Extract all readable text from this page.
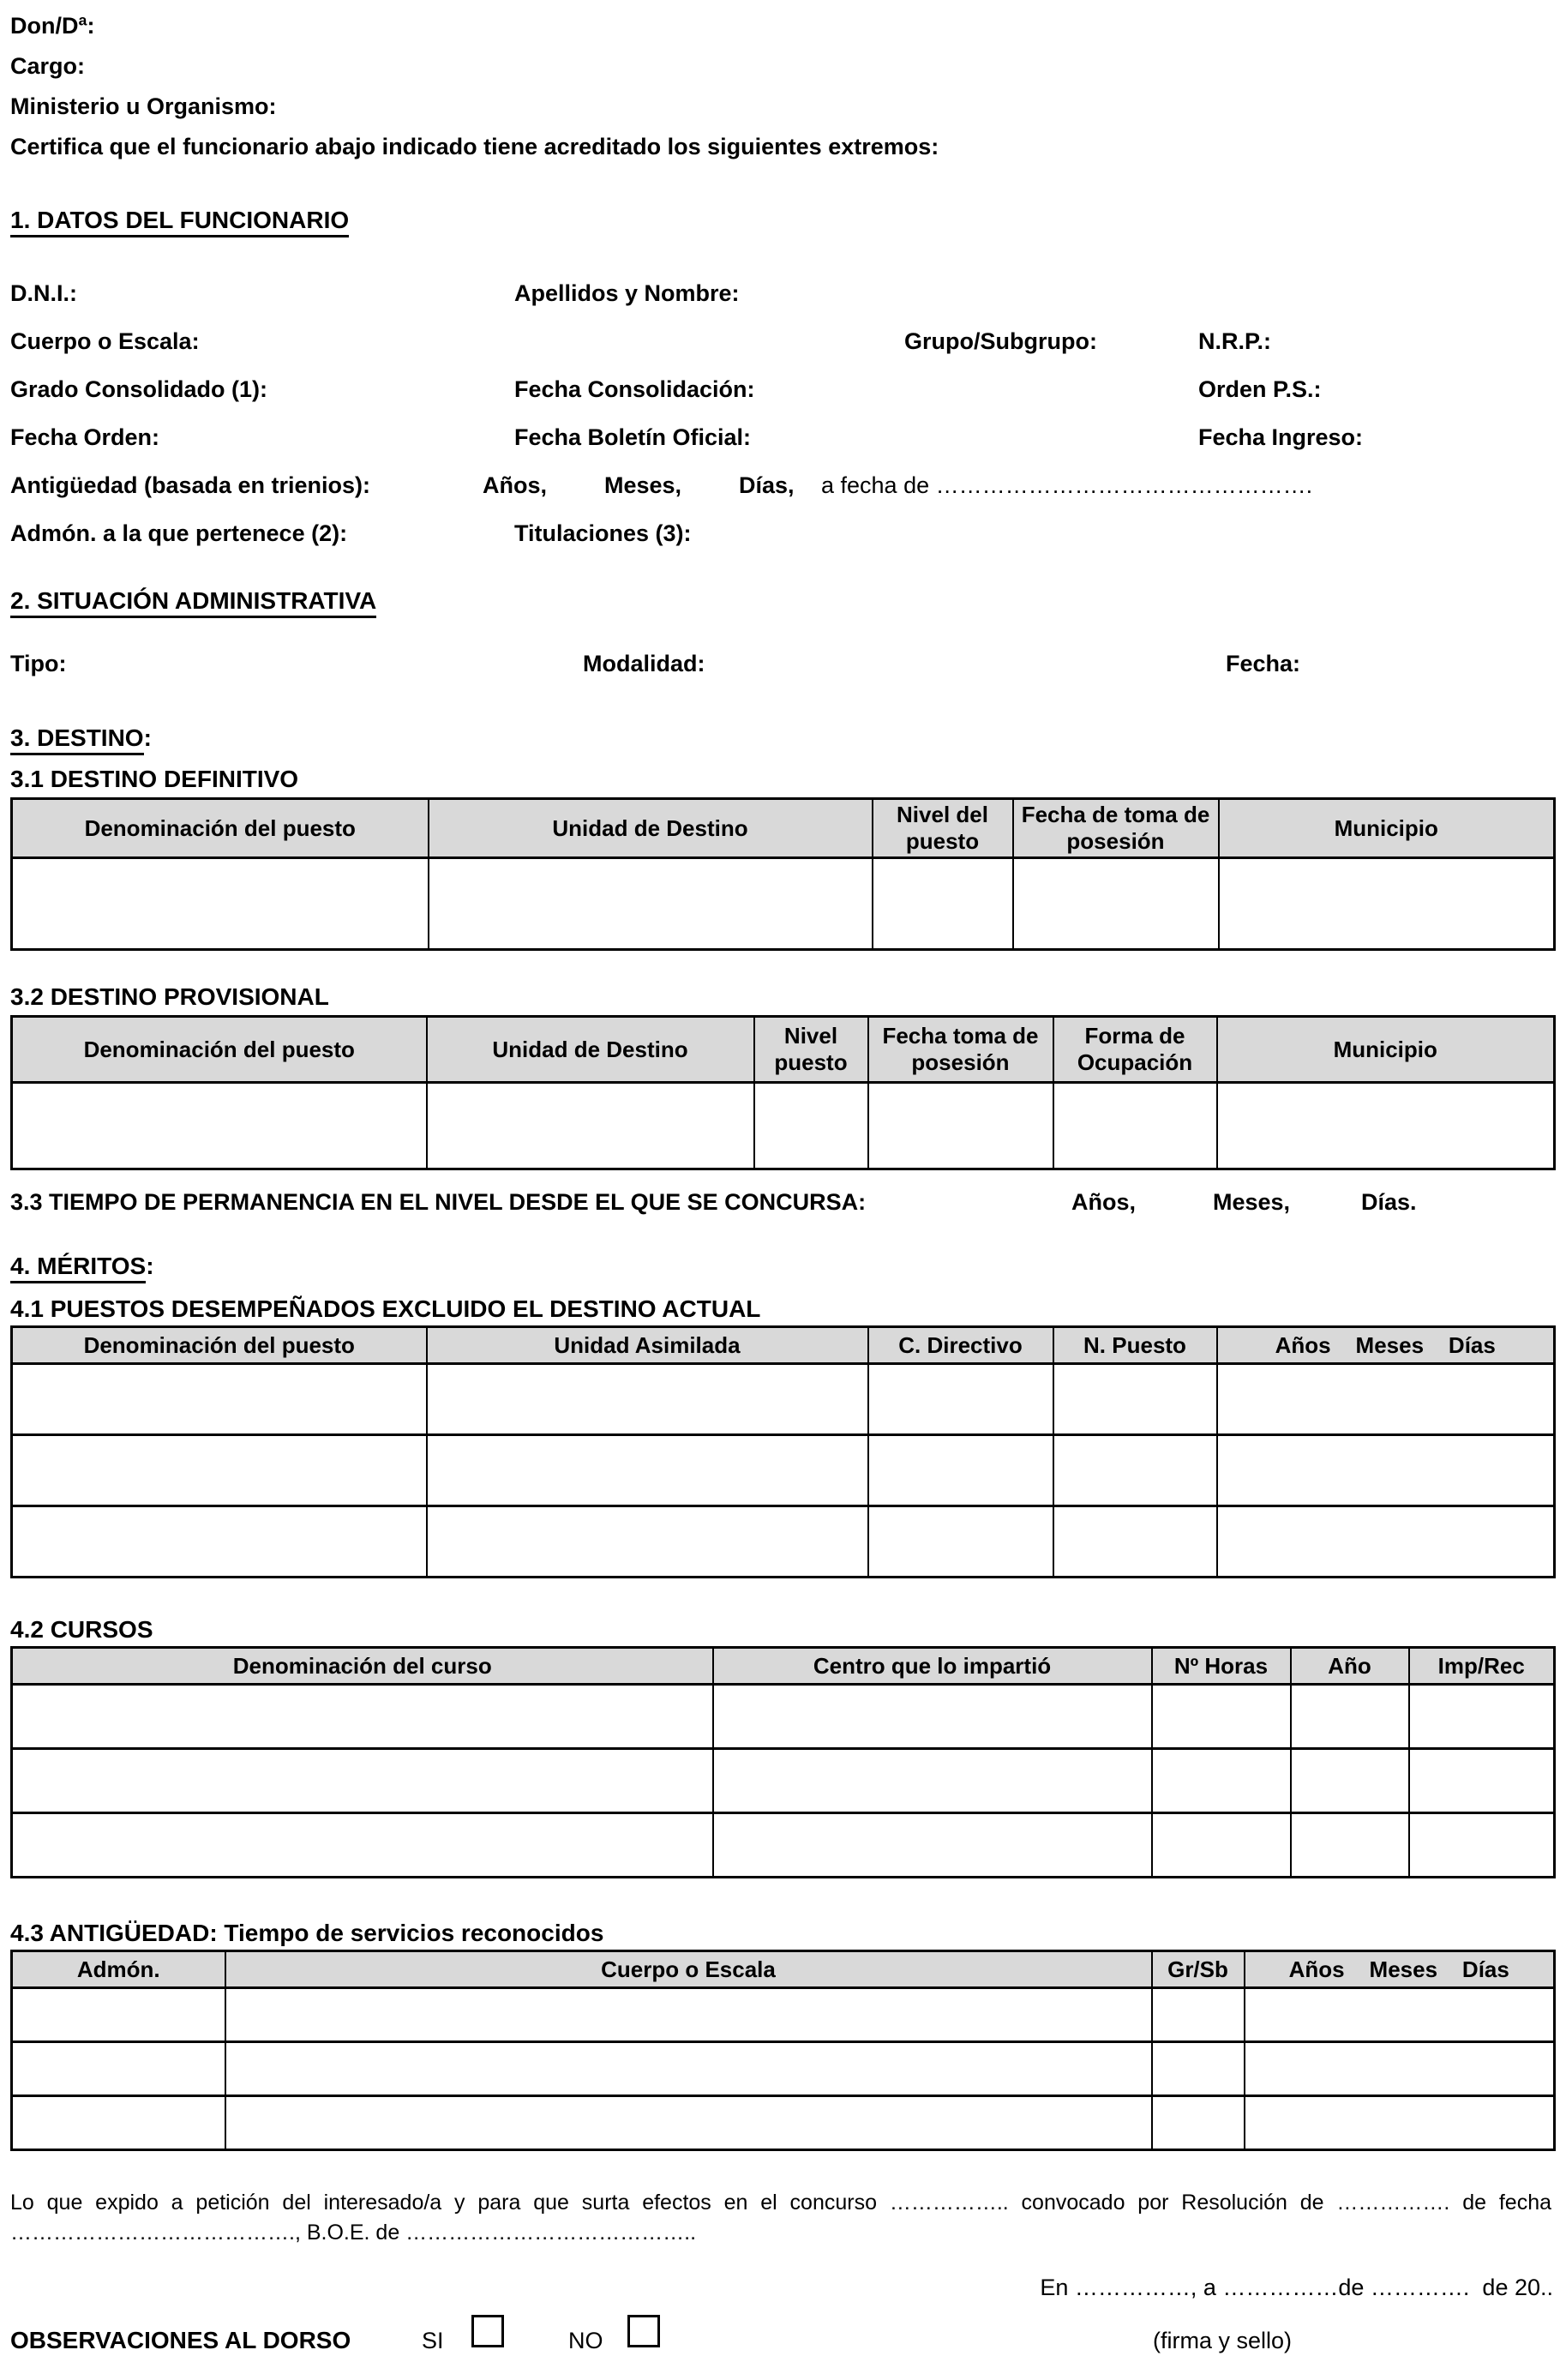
Don/Dª:
Cargo:
Ministerio u Organismo:
Certifica que el funcionario abajo indicado tiene acreditado los siguientes extremos:
1. DATOS DEL FUNCIONARIO
D.N.I.:	Apellidos y Nombre:
Cuerpo o Escala:	Grupo/Subgrupo:	N.R.P.:
Grado Consolidado (1):	Fecha Consolidación:	Orden P.S.:
Fecha Orden:	Fecha Boletín Oficial:	Fecha Ingreso:
Antigüedad (basada en trienios):	Años, Meses, Días, a fecha de ………………………………………….
Admón. a la que pertenece (2):	Titulaciones (3):
2. SITUACIÓN ADMINISTRATIVA
Tipo:	Modalidad:	Fecha:
3. DESTINO:
3.1 DESTINO DEFINITIVO
Denominación del puesto	Unidad de Destino	Nivel del puesto	Fecha de toma de posesión	Municipio

3.2 DESTINO PROVISIONAL
Denominación del puesto	Unidad de Destino	Nivel puesto	Fecha toma de posesión	Forma de Ocupación	Municipio

3.3 TIEMPO DE PERMANENCIA EN EL NIVEL DESDE EL QUE SE CONCURSA:	Años,	Meses,	Días.
4. MÉRITOS:
4.1 PUESTOS DESEMPEÑADOS EXCLUIDO EL DESTINO ACTUAL
Denominación del puesto	Unidad Asimilada	C. Directivo	N. Puesto	Años    Meses    Días

4.2 CURSOS
Denominación del curso	Centro que lo impartió	Nº Horas	Año	Imp/Rec

4.3 ANTIGÜEDAD: Tiempo de servicios reconocidos
Admón.	Cuerpo o Escala	Gr/Sb	Años    Meses    Días

Lo que expido a petición del interesado/a y para que surta efectos en el concurso …………….. convocado por Resolución de ……………. de fecha
…………………………………., B.O.E. de …………………………………..
En ……………, a ……………de ………….  de 20..
OBSERVACIONES AL DORSO	SI	NO	(firma y sello)
